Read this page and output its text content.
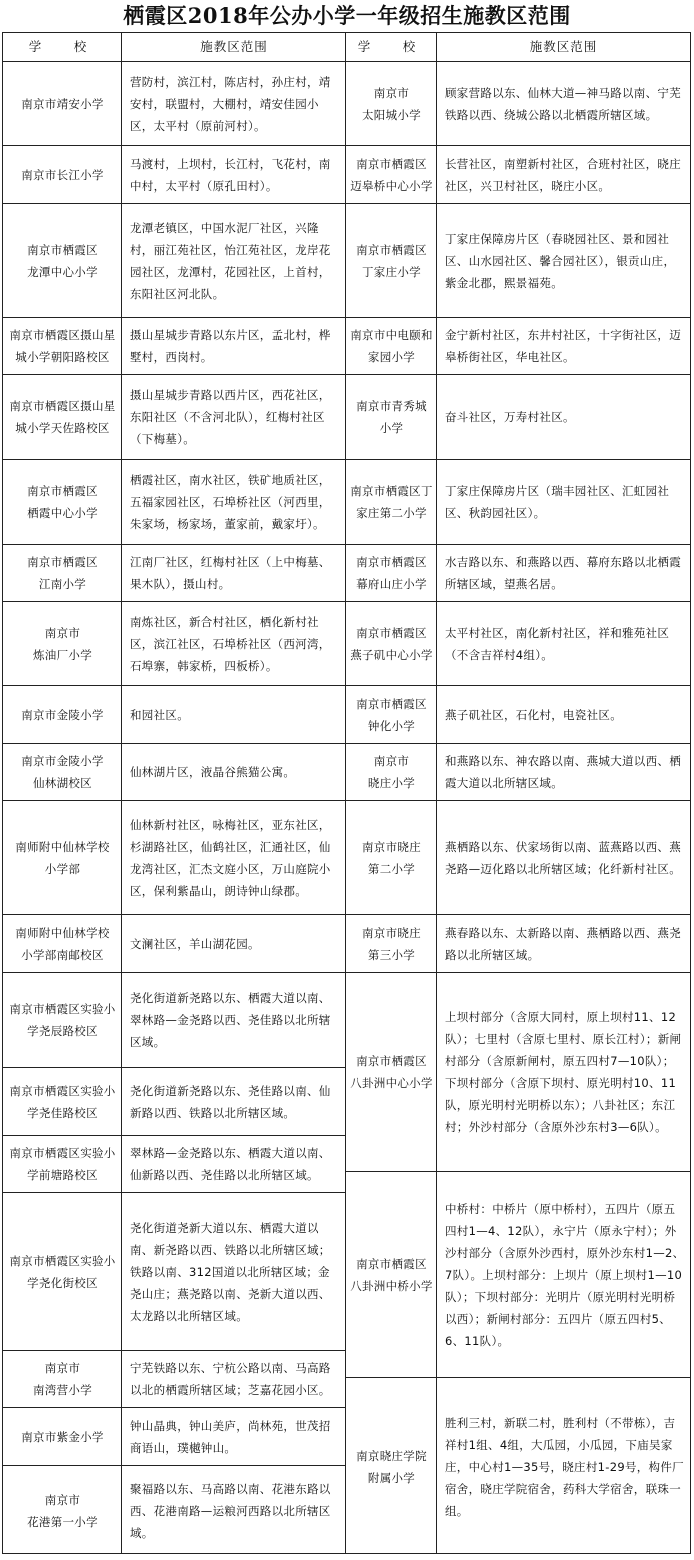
栖霞区2018年公办小学一年级招生施教区范围
学　校
南京市靖安小学
南京市长江小学
南京市栖霞区
龙潭中心小学
南京市栖霞区摄山星城小学朝阳路校区
南京市栖霞区摄山星城小学天佐路校区
南京市栖霞区
栖霞中心小学
南京市栖霞区
江南小学
南京市
炼油厂小学
南京市金陵小学
南京市金陵小学
仙林湖校区
南师附中仙林学校
小学部
南师附中仙林学校
小学部南邮校区
南京市栖霞区实验小学尧辰路校区
南京市栖霞区实验小学尧佳路校区
南京市栖霞区实验小学前塘路校区
南京市栖霞区实验小学尧化街校区
南京市
南湾营小学
南京市紫金小学
南京市
花港第一小学
施教区范围
营防村，滨江村，陈店村，孙庄村，靖安村，联盟村，大棚村，靖安佳园小区，太平村（原前河村）。
马渡村，上坝村，长江村，飞花村，南中村，太平村（原孔田村）。
龙潭老镇区，中国水泥厂社区，兴隆村，丽江苑社区，怡江苑社区，龙岸花园社区，龙潭村，花园社区，上首村，东阳社区河北队。
摄山星城步青路以东片区，孟北村，桦墅村，西岗村。
摄山星城步青路以西片区，西花社区，东阳社区（不含河北队），红梅村社区（下梅墓）。
栖霞社区，南水社区，铁矿地质社区，五福家园社区，石埠桥社区（河西里，朱家场，杨家场，董家前，戴家圩）。
江南厂社区，红梅村社区（上中梅墓、果木队），摄山村。
南炼社区，新合村社区，栖化新村社区，滨江社区，石埠桥社区（西河湾，石埠寨，韩家桥，四板桥）。
和园社区。
仙林湖片区，液晶谷熊猫公寓。
仙林新村社区，咏梅社区，亚东社区，杉湖路社区，仙鹤社区，汇通社区，仙龙湾社区，汇杰文庭小区，万山庭院小区，保利紫晶山，朗诗钟山绿郡。
文澜社区，羊山湖花园。
尧化街道新尧路以东、栖霞大道以南、翠林路—金尧路以西、尧佳路以北所辖区域。
尧化街道新尧路以东、尧佳路以南、仙新路以西、铁路以北所辖区域。
翠林路—金尧路以东、栖霞大道以南、仙新路以西、尧佳路以北所辖区域。
尧化街道尧新大道以东、栖霞大道以南、新尧路以西、铁路以北所辖区域；铁路以南、312国道以北所辖区域；金尧山庄；燕尧路以南、尧新大道以西、太龙路以北所辖区域。
宁芜铁路以东、宁杭公路以南、马高路以北的栖霞所辖区域；芝嘉花园小区。
钟山晶典，钟山美庐，尚林苑，世茂招商语山，璞樾钟山。
聚福路以东、马高路以南、花港东路以西、花港南路—运粮河西路以北所辖区域。
学　校
南京市
太阳城小学
南京市栖霞区
迈皋桥中心小学
南京市栖霞区
丁家庄小学
南京市中电颐和家园小学
南京市青秀城
小学
南京市栖霞区丁家庄第二小学
南京市栖霞区
幕府山庄小学
南京市栖霞区
燕子矶中心小学
南京市栖霞区
钟化小学
南京市
晓庄小学
南京市晓庄
第二小学
南京市晓庄
第三小学
南京市栖霞区
八卦洲中心小学
南京市栖霞区
八卦洲中桥小学
南京晓庄学院
附属小学
施教区范围
顾家营路以东、仙林大道—神马路以南、宁芜铁路以西、绕城公路以北栖霞所辖区域。
长营社区，南塑新村社区，合班村社区，晓庄社区，兴卫村社区，晓庄小区。
丁家庄保障房片区（春晓园社区、景和园社区、山水园社区、馨合园社区），银贡山庄，紫金北郡，熙景福苑。
金宁新村社区，东井村社区，十字街社区，迈皋桥街社区，华电社区。
奋斗社区，万寿村社区。
丁家庄保障房片区（瑞丰园社区、汇虹园社区、秋韵园社区）。
水吉路以东、和燕路以西、幕府东路以北栖霞所辖区域，望燕名居。
太平村社区，南化新村社区，祥和雅苑社区（不含吉祥村4组）。
燕子矶社区，石化村，电瓷社区。
和燕路以东、神农路以南、燕城大道以西、栖霞大道以北所辖区域。
燕栖路以东、伏家场街以南、蓝燕路以西、燕尧路—迈化路以北所辖区域；化纤新村社区。
燕春路以东、太新路以南、燕栖路以西、燕尧路以北所辖区域。
上坝村部分（含原大同村，原上坝村11、12队）；七里村（含原七里村、原长江村）；新闸村部分（含原新闸村，原五四村7—10队）；下坝村部分（含原下坝村、原光明村10、11队，原光明村光明桥以东）；八卦社区；东江村；外沙村部分（含原外沙东村3—6队）。
中桥村：中桥片（原中桥村），五四片（原五四村1—4、12队），永宁片（原永宁村）；外沙村部分（含原外沙西村，原外沙东村1—2、7队）。上坝村部分：上坝片（原上坝村1—10队）；下坝村部分：光明片（原光明村光明桥以西）；新闸村部分：五四片（原五四村5、6、11队）。
胜利三村，新联二村，胜利村（不带栋），吉祥村1组、4组，大瓜园，小瓜园，下庙吴家庄，中心村1—35号，晓庄村1-29号，构件厂宿舍，晓庄学院宿舍，药科大学宿舍，联珠一组。
